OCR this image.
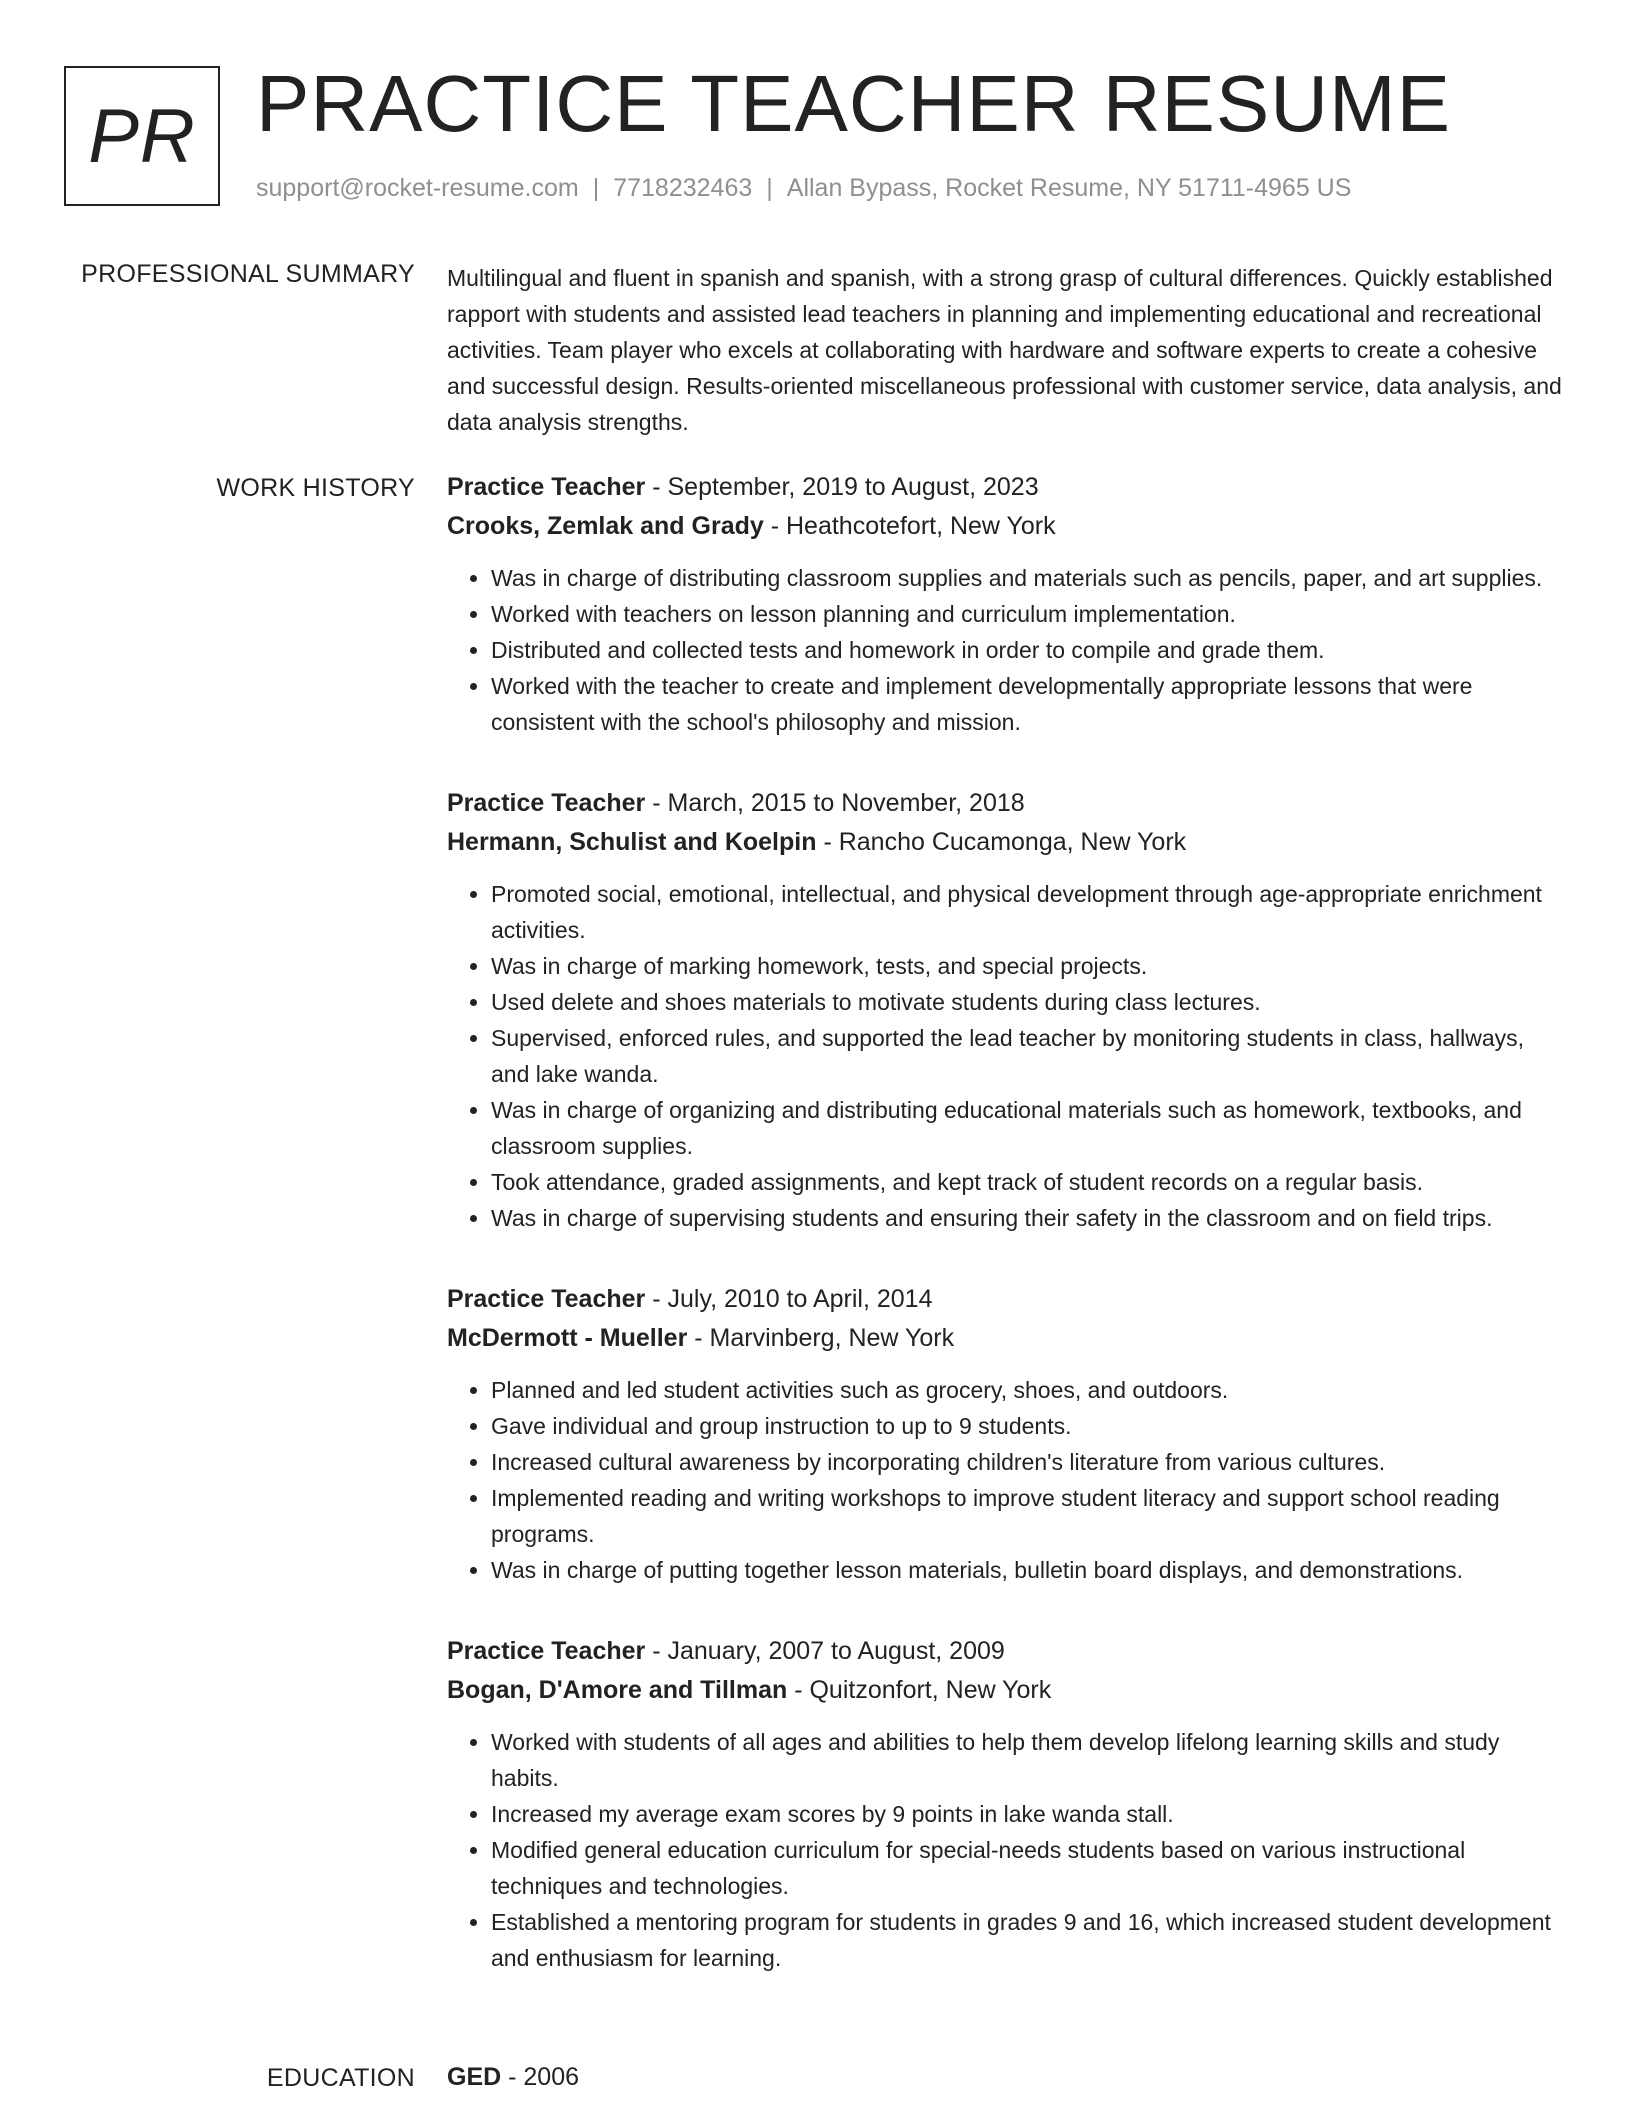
PR PRACTICE TEACHER RESUME
support@rocket-resume.com | 7718232463 | Allan Bypass, Rocket Resume, NY 51711-4965 US
PROFESSIONAL SUMMARY Multilingual and fluent in spanish and spanish, with a strong grasp of cultural differences. Quickly established rapport with students and assisted lead teachers in planning and implementing educational and recreational activities. Team player who excels at collaborating with hardware and software experts to create a cohesive and successful design. Results-oriented miscellaneous professional with customer service, data analysis, and data analysis strengths.

WORK HISTORY Practice Teacher - September, 2019 to August, 2023
Crooks, Zemlak and Grady - Heathcotefort, New York
• Was in charge of distributing classroom supplies and materials such as pencils, paper, and art supplies.
• Worked with teachers on lesson planning and curriculum implementation.
• Distributed and collected tests and homework in order to compile and grade them.
• Worked with the teacher to create and implement developmentally appropriate lessons that were consistent with the school's philosophy and mission.
Practice Teacher - March, 2015 to November, 2018
Hermann, Schulist and Koelpin - Rancho Cucamonga, New York
• Promoted social, emotional, intellectual, and physical development through age-appropriate enrichment activities.
• Was in charge of marking homework, tests, and special projects.
• Used delete and shoes materials to motivate students during class lectures.
• Supervised, enforced rules, and supported the lead teacher by monitoring students in class, hallways, and lake wanda.
• Was in charge of organizing and distributing educational materials such as homework, textbooks, and classroom supplies.
• Took attendance, graded assignments, and kept track of student records on a regular basis.
• Was in charge of supervising students and ensuring their safety in the classroom and on field trips.
Practice Teacher - July, 2010 to April, 2014
McDermott - Mueller - Marvinberg, New York
• Planned and led student activities such as grocery, shoes, and outdoors.
• Gave individual and group instruction to up to 9 students.
• Increased cultural awareness by incorporating children's literature from various cultures.
• Implemented reading and writing workshops to improve student literacy and support school reading programs.
• Was in charge of putting together lesson materials, bulletin board displays, and demonstrations.
Practice Teacher - January, 2007 to August, 2009
Bogan, D'Amore and Tillman - Quitzonfort, New York
• Worked with students of all ages and abilities to help them develop lifelong learning skills and study habits.
• Increased my average exam scores by 9 points in lake wanda stall.
• Modified general education curriculum for special-needs students based on various instructional techniques and technologies.
• Established a mentoring program for students in grades 9 and 16, which increased student development and enthusiasm for learning.
EDUCATION GED - 2006
